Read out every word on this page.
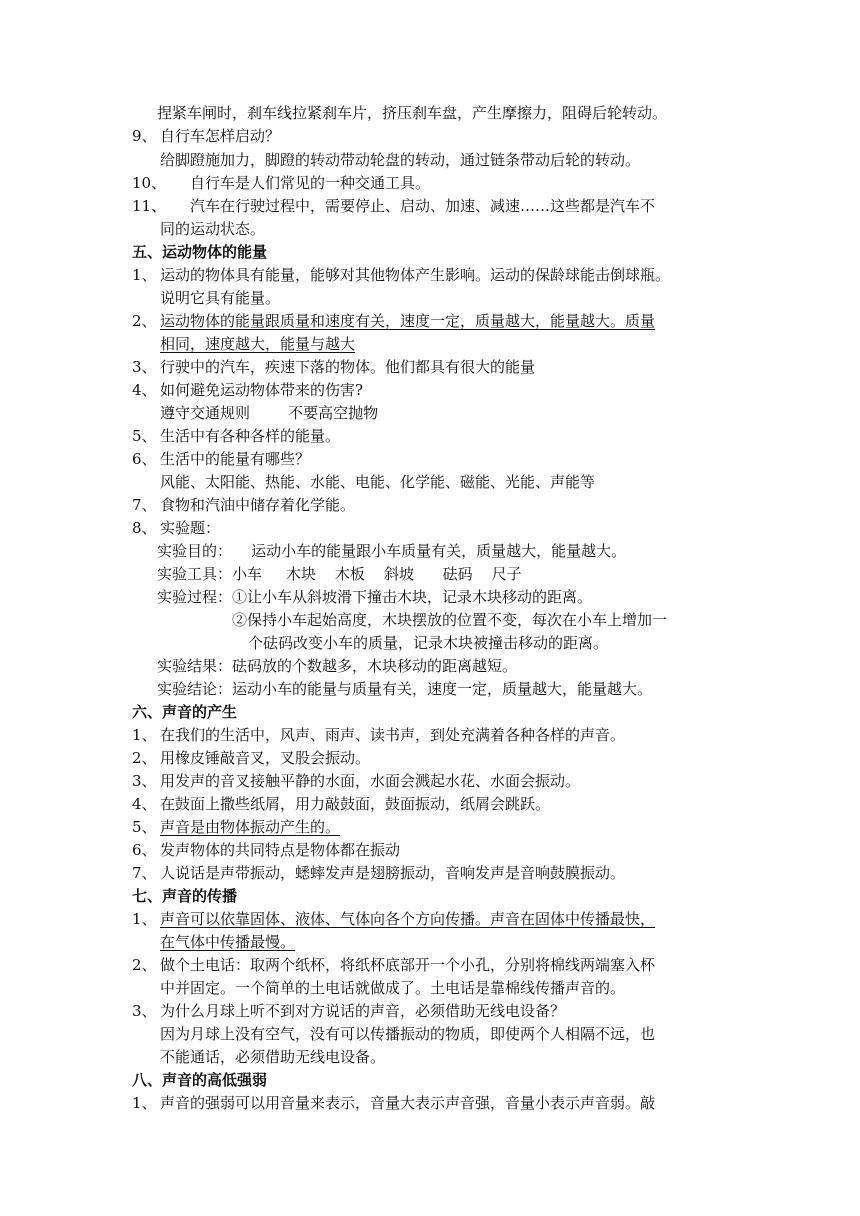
捏紧车闸时，刹车线拉紧刹车片，挤压刹车盘，产生摩擦力，阻碍后轮转动。
9、 自行车怎样启动？
给脚蹬施加力，脚蹬的转动带动轮盘的转动，通过链条带动后轮的转动。
10、 自行车是人们常见的一种交通工具。
11、 汽车在行驶过程中，需要停止、启动、加速、减速……这些都是汽车不
同的运动状态。
五、运动物体的能量
1、 运动的物体具有能量，能够对其他物体产生影响。运动的保龄球能击倒球瓶。
说明它具有能量。
2、 运动物体的能量跟质量和速度有关，速度一定，质量越大，能量越大。质量
相同，速度越大，能量与越大
3、 行驶中的汽车，疾速下落的物体。他们都具有很大的能量
4、 如何避免运动物体带来的伤害?
遵守交通规则        不要高空抛物
5、 生活中有各种各样的能量。
6、 生活中的能量有哪些？
风能、太阳能、热能、水能、电能、化学能、磁能、光能、声能等
7、 食物和汽油中储存着化学能。
8、 实验题：
实验目的：    运动小车的能量跟小车质量有关，质量越大，能量越大。
实验工具：小车     木块    木板    斜坡      砝码    尺子
实验过程：①让小车从斜坡滑下撞击木块，记录木块移动的距离。
②保持小车起始高度，木块摆放的位置不变，每次在小车上增加一
个砝码改变小车的质量，记录木块被撞击移动的距离。
实验结果：砝码放的个数越多，木块移动的距离越短。
实验结论：运动小车的能量与质量有关，速度一定，质量越大，能量越大。
六、声音的产生
1、 在我们的生活中，风声、雨声、读书声，到处充满着各种各样的声音。
2、 用橡皮锤敲音叉，叉股会振动。
3、 用发声的音叉接触平静的水面，水面会溅起水花、水面会振动。
4、 在鼓面上撒些纸屑，用力敲鼓面，鼓面振动，纸屑会跳跃。
5、 声音是由物体振动产生的。
6、 发声物体的共同特点是物体都在振动
7、 人说话是声带振动，蟋蟀发声是翅膀振动，音响发声是音响鼓膜振动。
七、声音的传播
1、 声音可以依靠固体、液体、气体向各个方向传播。声音在固体中传播最快，
在气体中传播最慢。
2、 做个土电话：取两个纸杯，将纸杯底部开一个小孔，分别将棉线两端塞入杯
中并固定。一个简单的土电话就做成了。土电话是靠棉线传播声音的。
3、 为什么月球上听不到对方说话的声音，必须借助无线电设备？
因为月球上没有空气，没有可以传播振动的物质，即使两个人相隔不远，也
不能通话，必须借助无线电设备。
八、声音的高低强弱
1、 声音的强弱可以用音量来表示，音量大表示声音强，音量小表示声音弱。敲
